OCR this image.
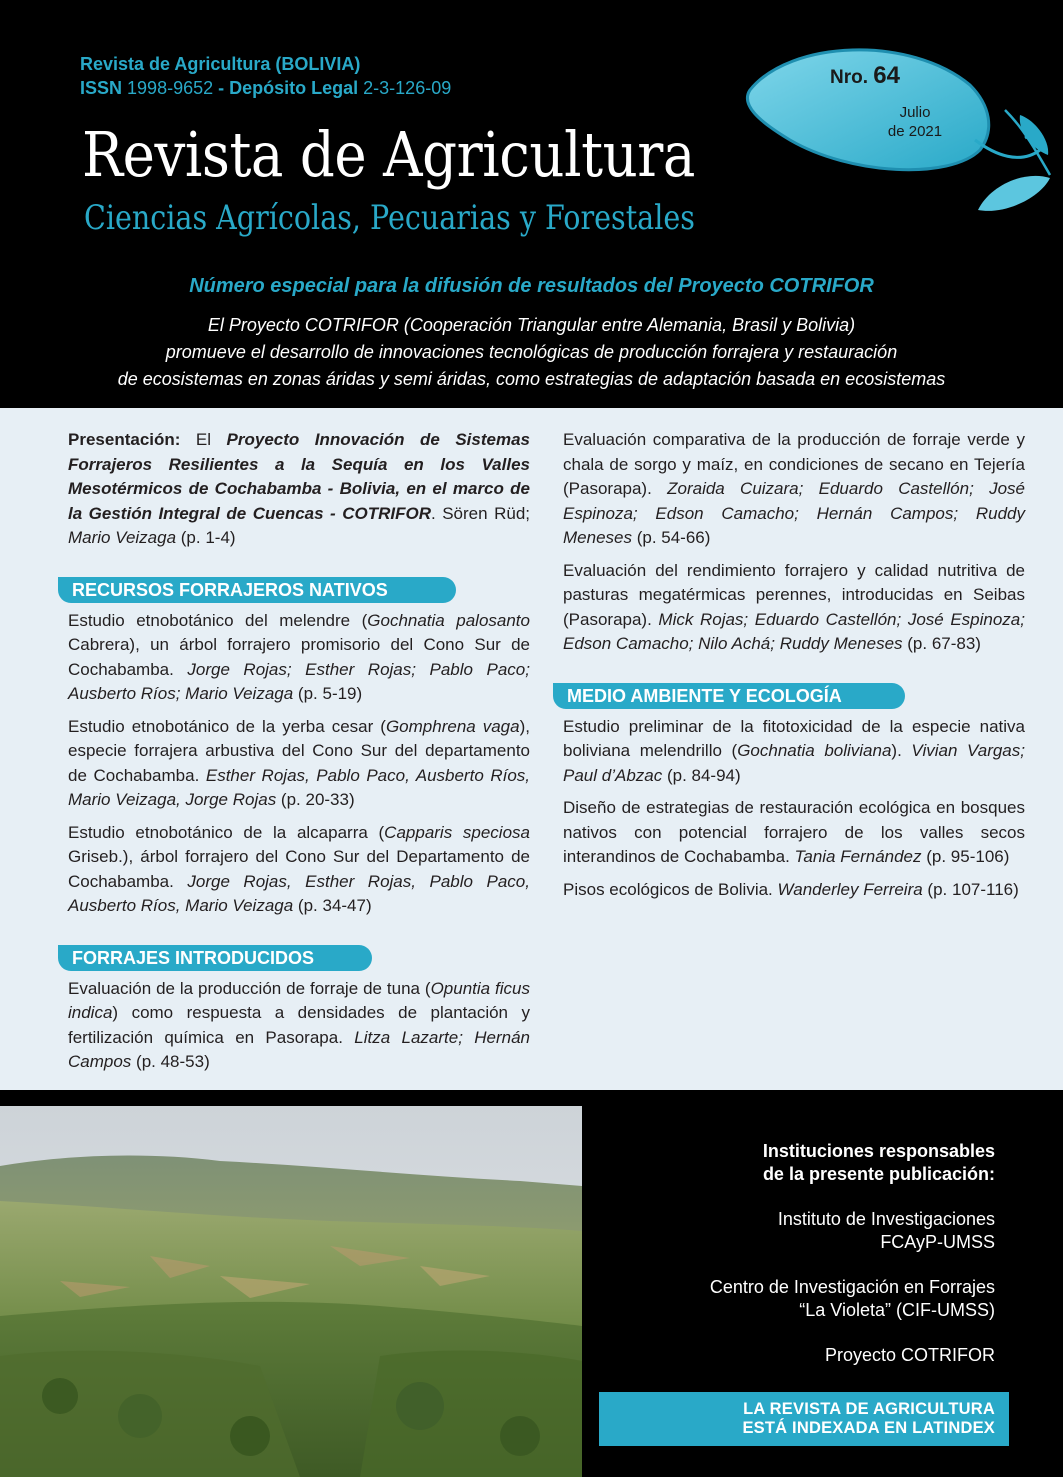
Revista de Agricultura (BOLIVIA)
ISSN 1998-9652 - Depósito Legal 2-3-126-09
Revista de Agricultura
Ciencias Agrícolas, Pecuarias y Forestales
Nro. 64
Julio
de 2021
Número especial para la difusión de resultados del Proyecto COTRIFOR
El Proyecto COTRIFOR (Cooperación Triangular entre Alemania, Brasil y Bolivia)
promueve el desarrollo de innovaciones tecnológicas de producción forrajera y restauración
de ecosistemas en zonas áridas y semi áridas, como estrategias de adaptación basada en ecosistemas
Presentación: El Proyecto Innovación de Sistemas Forrajeros Resilientes a la Sequía en los Valles Mesotérmicos de Cochabamba - Bolivia, en el marco de la Gestión Integral de Cuencas - COTRIFOR. Sören Rüd; Mario Veizaga (p. 1-4)
RECURSOS FORRAJEROS NATIVOS
Estudio etnobotánico del melendre (Gochnatia palosanto Cabrera), un árbol forrajero promisorio del Cono Sur de Cochabamba. Jorge Rojas; Esther Rojas; Pablo Paco; Ausberto Ríos; Mario Veizaga (p. 5-19)
Estudio etnobotánico de la yerba cesar (Gomphrena vaga), especie forrajera arbustiva del Cono Sur del departamento de Cochabamba. Esther Rojas, Pablo Paco, Ausberto Ríos, Mario Veizaga, Jorge Rojas (p. 20-33)
Estudio etnobotánico de la alcaparra (Capparis speciosa Griseb.), árbol forrajero del Cono Sur del Departamento de Cochabamba. Jorge Rojas, Esther Rojas, Pablo Paco, Ausberto Ríos, Mario Veizaga (p. 34-47)
FORRAJES INTRODUCIDOS
Evaluación de la producción de forraje de tuna (Opuntia ficus indica) como respuesta a densidades de plantación y fertilización química en Pasorapa. Litza Lazarte; Hernán Campos (p. 48-53)
Evaluación comparativa de la producción de forraje verde y chala de sorgo y maíz, en condiciones de secano en Tejería (Pasorapa). Zoraida Cuizara; Eduardo Castellón; José Espinoza; Edson Camacho; Hernán Campos; Ruddy Meneses (p. 54-66)
Evaluación del rendimiento forrajero y calidad nutritiva de pasturas megatérmicas perennes, introducidas en Seibas (Pasorapa). Mick Rojas; Eduardo Castellón; José Espinoza; Edson Camacho; Nilo Achá; Ruddy Meneses (p. 67-83)
MEDIO AMBIENTE Y ECOLOGÍA
Estudio preliminar de la fitotoxicidad de la especie nativa boliviana melendrillo (Gochnatia boliviana). Vivian Vargas; Paul d’Abzac (p. 84-94)
Diseño de estrategias de restauración ecológica en bosques nativos con potencial forrajero de los valles secos interandinos de Cochabamba. Tania Fernández (p. 95-106)
Pisos ecológicos de Bolivia. Wanderley Ferreira (p. 107-116)
Instituciones responsables
de la presente publicación:
Instituto de Investigaciones
FCAyP-UMSS
Centro de Investigación en Forrajes
“La Violeta” (CIF-UMSS)
Proyecto COTRIFOR
LA REVISTA DE AGRICULTURA
ESTÁ INDEXADA EN LATINDEX
